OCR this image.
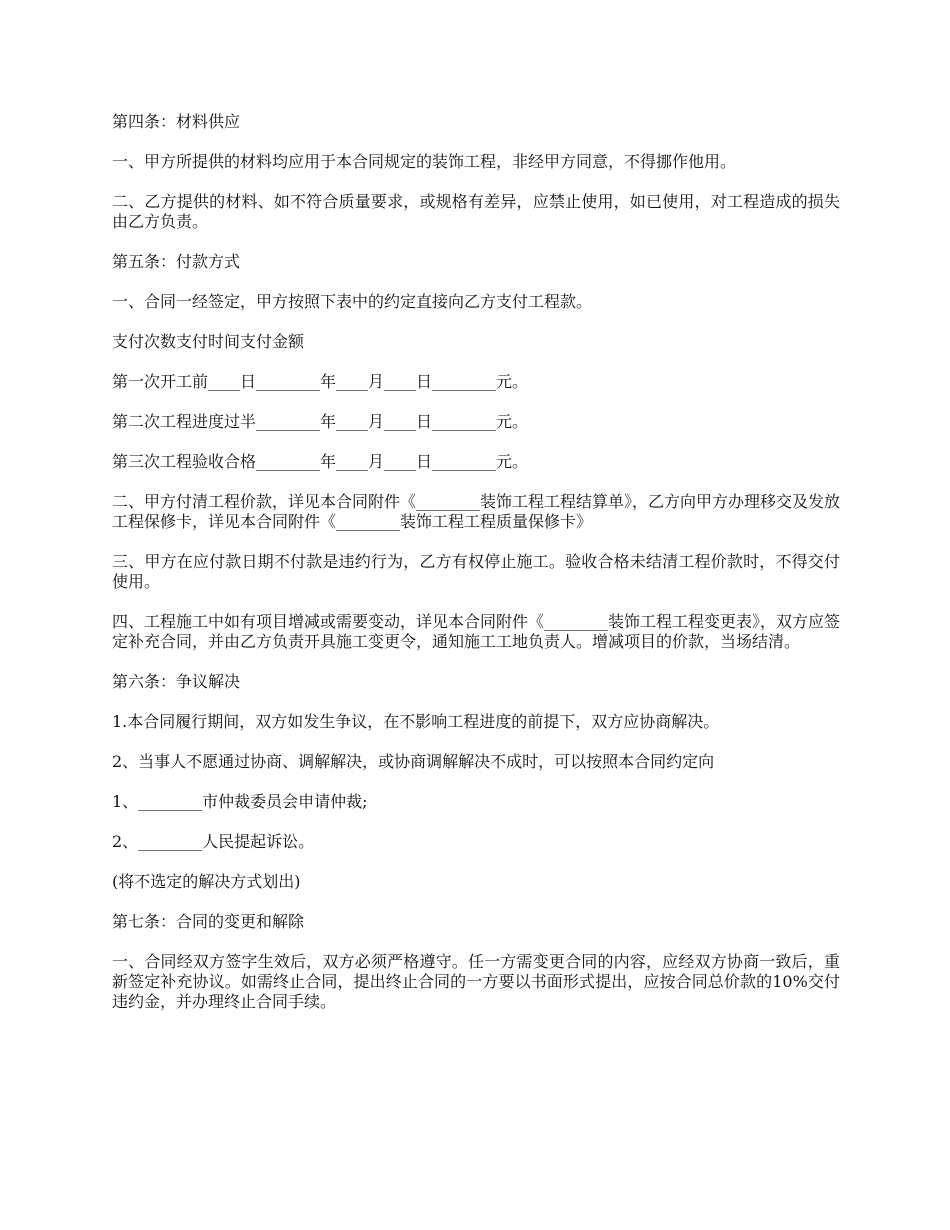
第四条：材料供应

一、甲方所提供的材料均应用于本合同规定的装饰工程，非经甲方同意，不得挪作他用。

二、乙方提供的材料、如不符合质量要求，或规格有差异，应禁止使用，如已使用，对工程造成的损失由乙方负责。

第五条：付款方式

一、合同一经签定，甲方按照下表中的约定直接向乙方支付工程款。

支付次数支付时间支付金额

第一次开工前____日________年____月____日________元。

第二次工程进度过半________年____月____日________元。

第三次工程验收合格________年____月____日________元。

二、甲方付清工程价款，详见本合同附件《________装饰工程工程结算单》，乙方向甲方办理移交及发放工程保修卡，详见本合同附件《________装饰工程工程质量保修卡》

三、甲方在应付款日期不付款是违约行为，乙方有权停止施工。验收合格未结清工程价款时，不得交付使用。

四、工程施工中如有项目增减或需要变动，详见本合同附件《________装饰工程工程变更表》，双方应签定补充合同，并由乙方负责开具施工变更令，通知施工工地负责人。增减项目的价款，当场结清。

第六条：争议解决

1.本合同履行期间，双方如发生争议，在不影响工程进度的前提下，双方应协商解决。

2、当事人不愿通过协商、调解解决，或协商调解解决不成时，可以按照本合同约定向

1、________市仲裁委员会申请仲裁;

2、________人民提起诉讼。

(将不选定的解决方式划出)

第七条：合同的变更和解除

一、合同经双方签字生效后，双方必须严格遵守。任一方需变更合同的内容，应经双方协商一致后，重新签定补充协议。如需终止合同，提出终止合同的一方要以书面形式提出，应按合同总价款的10%交付违约金，并办理终止合同手续。
